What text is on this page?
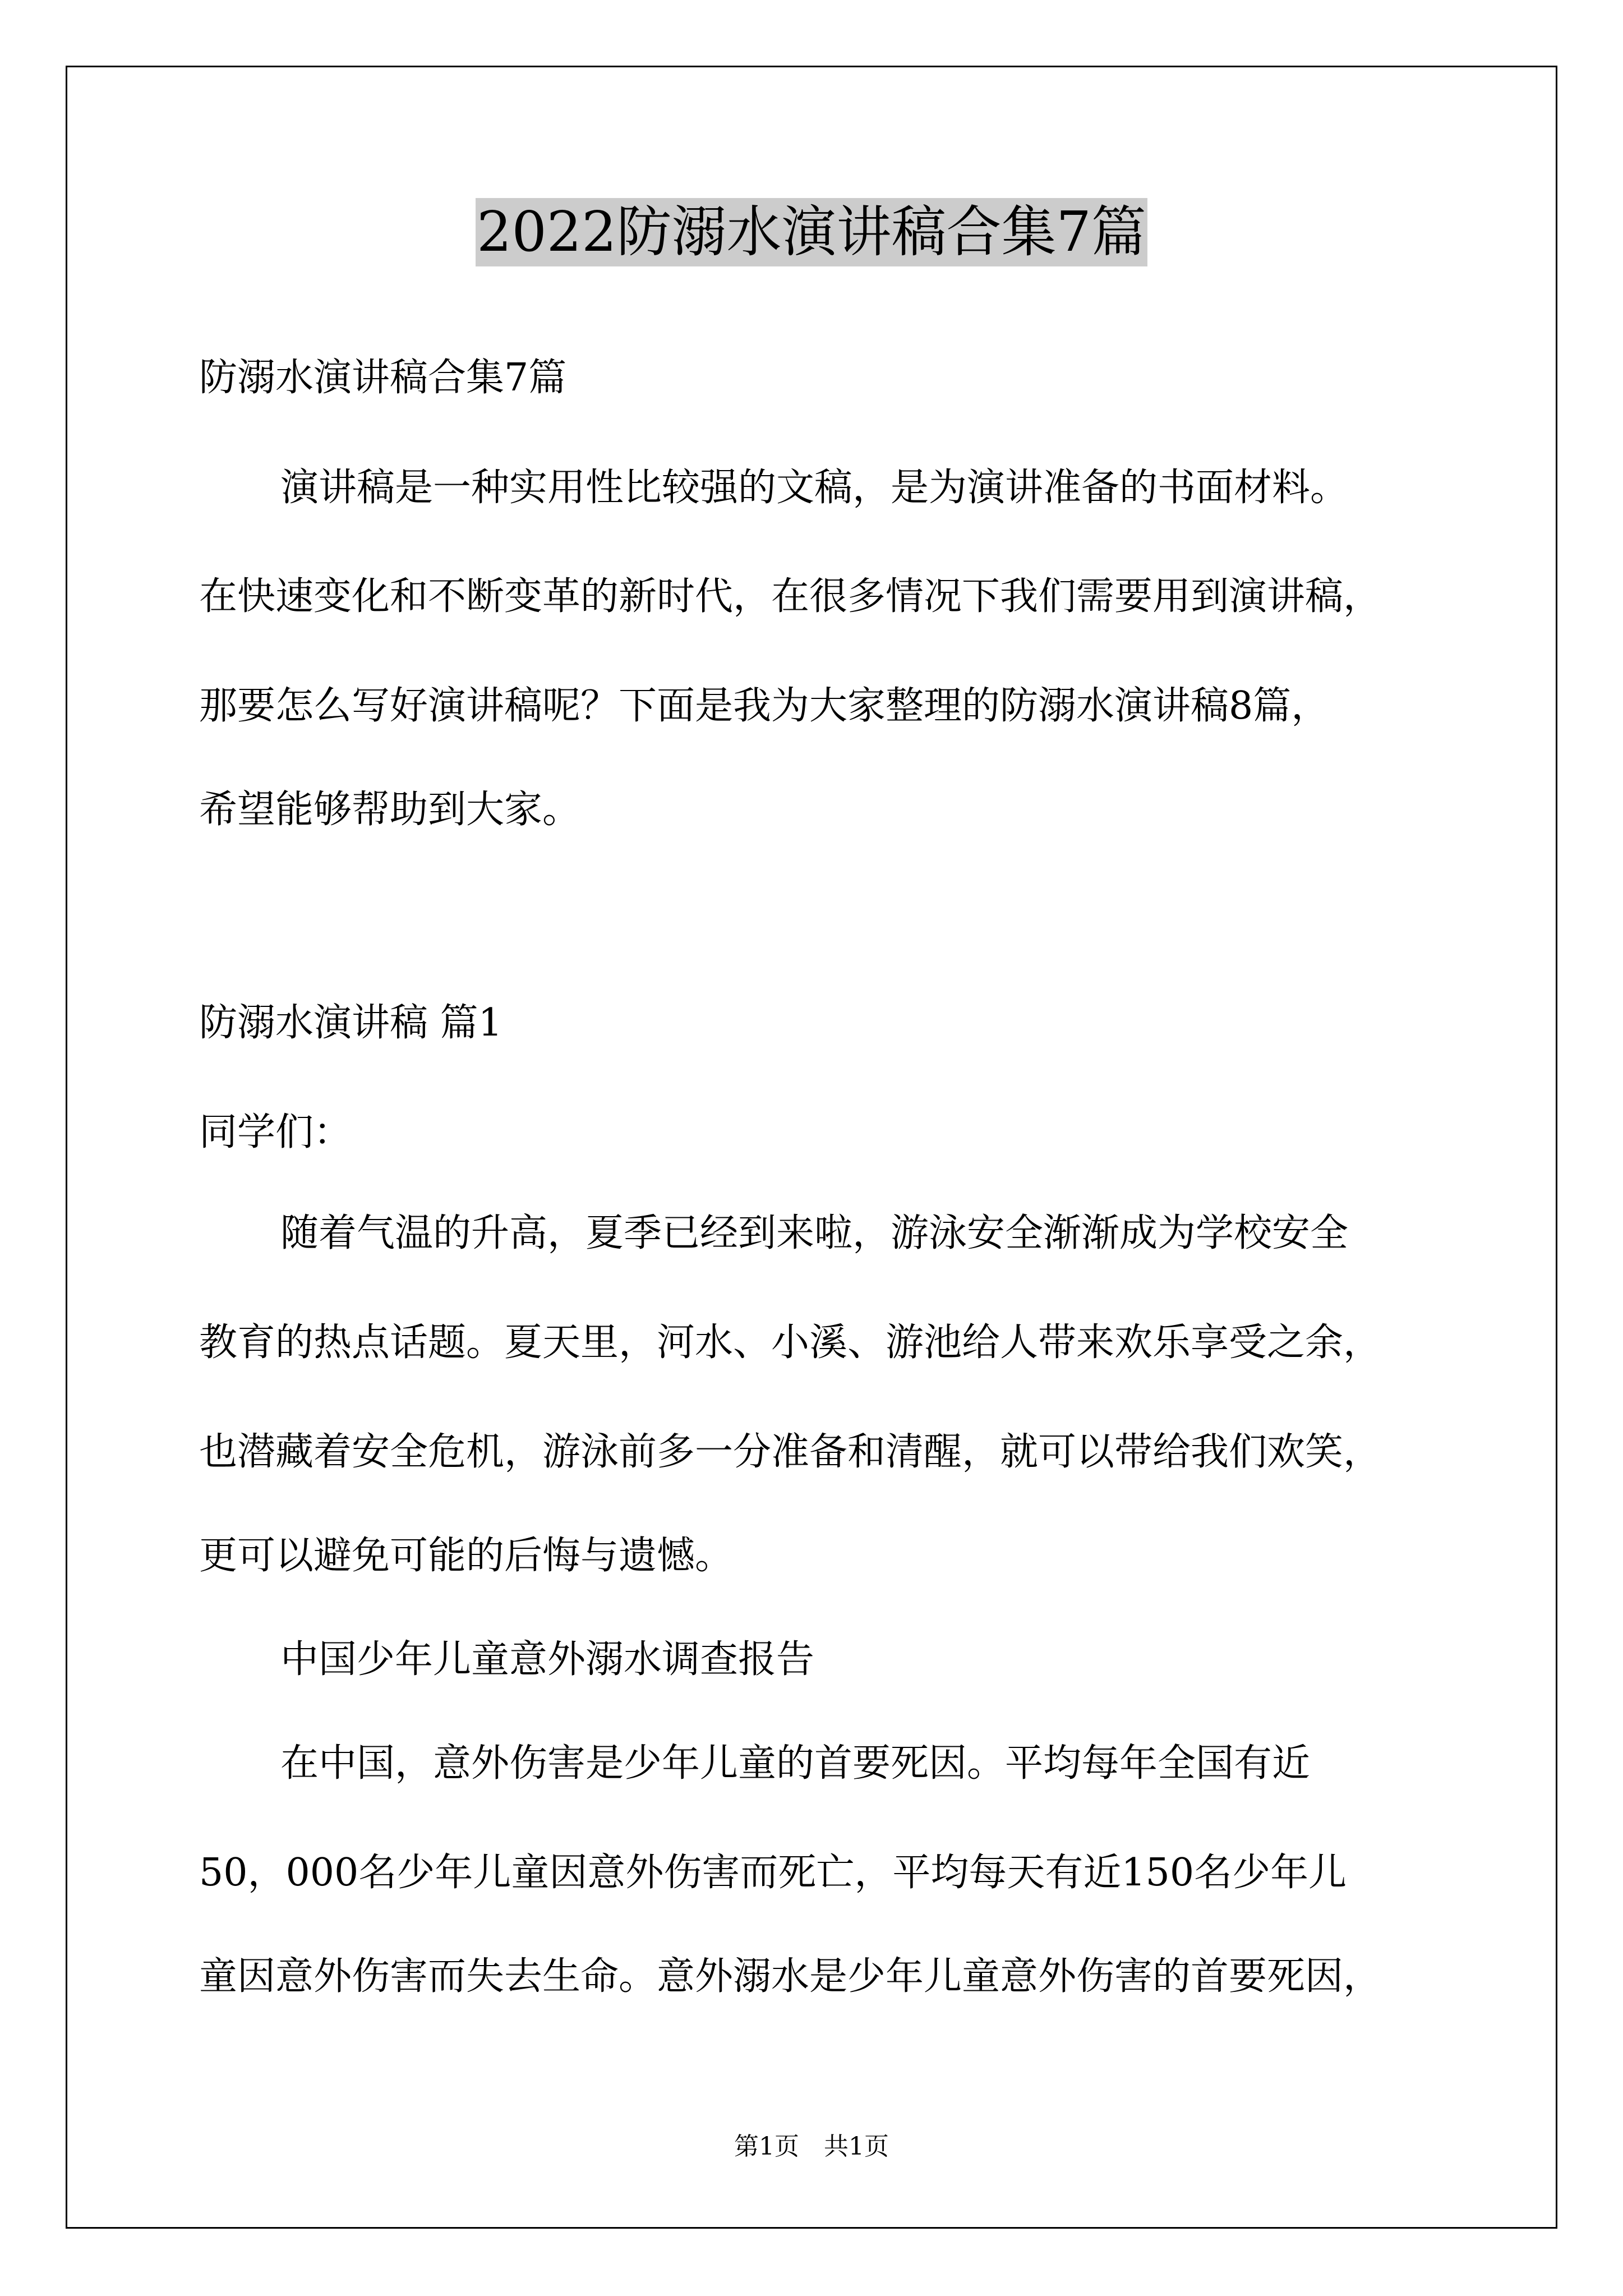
2022防溺水演讲稿合集7篇

防溺水演讲稿合集7篇

演讲稿是一种实用性比较强的文稿，是为演讲准备的书面材料。

在快速变化和不断变革的新时代，在很多情况下我们需要用到演讲稿，

那要怎么写好演讲稿呢？下面是我为大家整理的防溺水演讲稿8篇，

希望能够帮助到大家。

防溺水演讲稿 篇1

同学们：

随着气温的升高，夏季已经到来啦，游泳安全渐渐成为学校安全

教育的热点话题。夏天里，河水、小溪、游池给人带来欢乐享受之余，

也潜藏着安全危机，游泳前多一分准备和清醒，就可以带给我们欢笑，

更可以避免可能的后悔与遗憾。

中国少年儿童意外溺水调查报告

在中国，意外伤害是少年儿童的首要死因。平均每年全国有近

50，000名少年儿童因意外伤害而死亡，平均每天有近150名少年儿

童因意外伤害而失去生命。意外溺水是少年儿童意外伤害的首要死因，

第1页　共1页
